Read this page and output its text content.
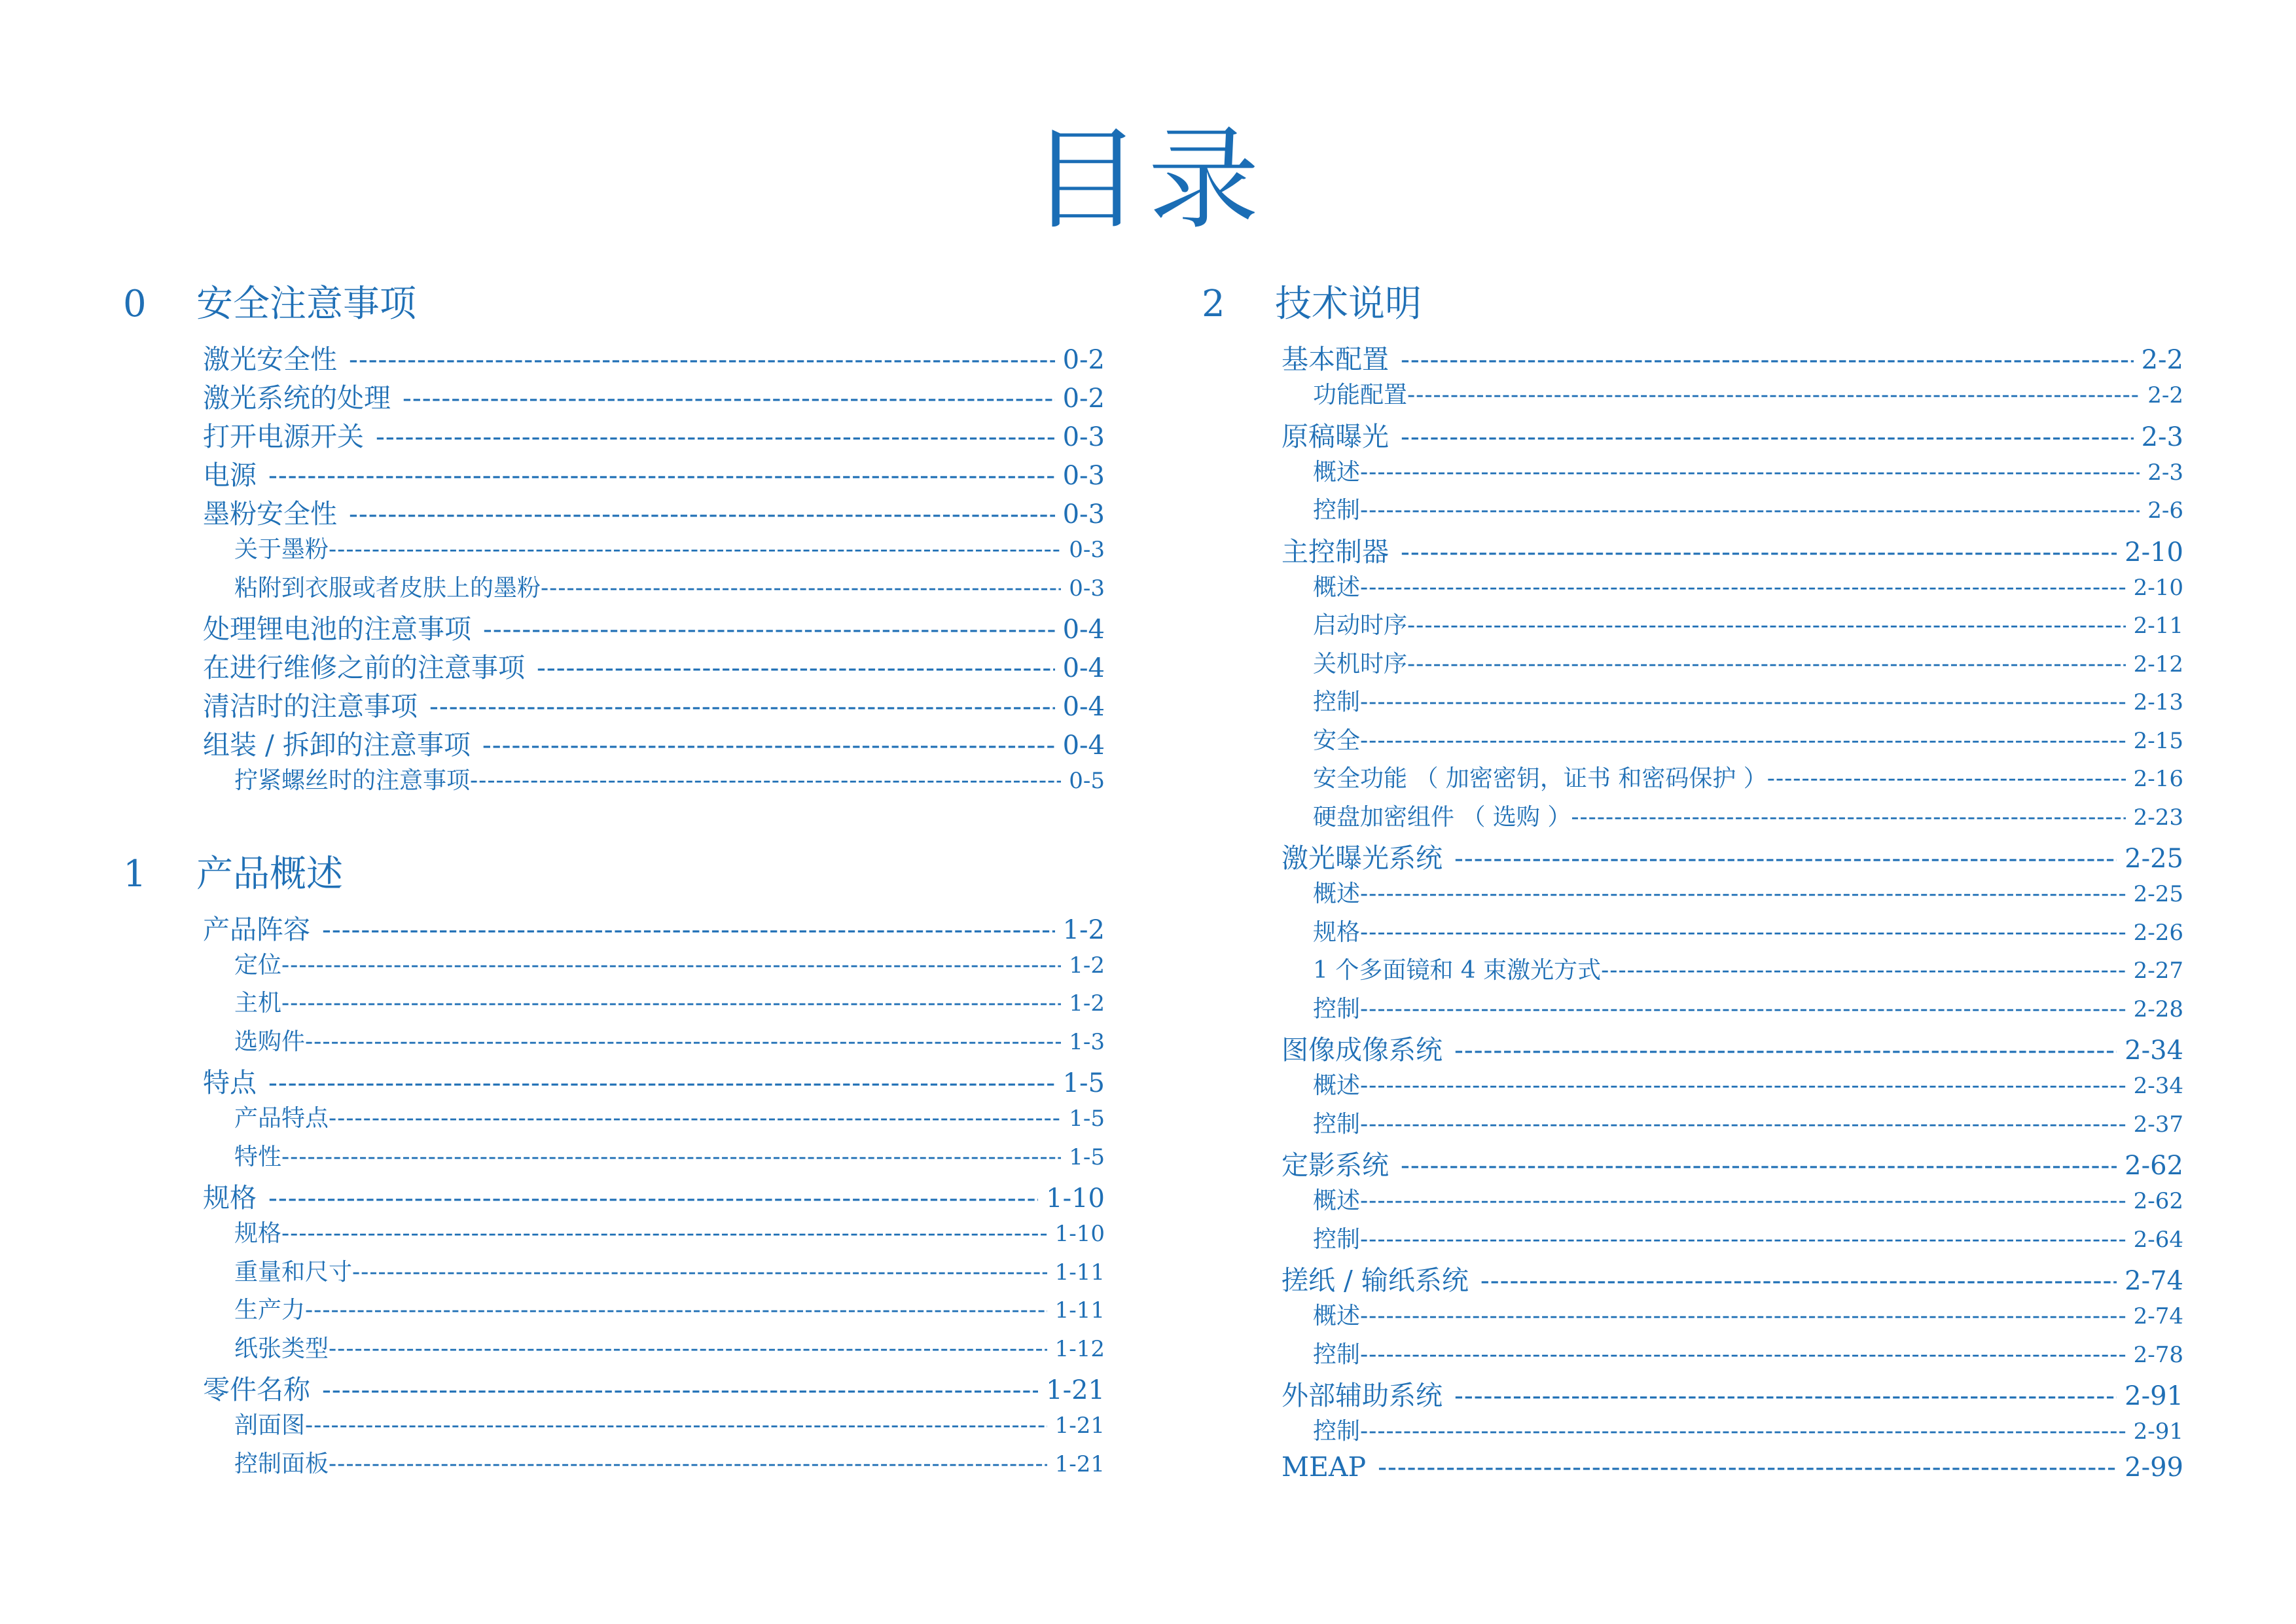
目录
0	安全注意事项
激光安全性 -----	0-2
激光系统的处理 -----	0-2
打开电源开关 -----	0-3
电源 -----	0-3
墨粉安全性 -----	0-3
关于墨粉 -----	0-3
粘附到衣服或者皮肤上的墨粉 -----	0-3
处理锂电池的注意事项 -----	0-4
在进行维修之前的注意事项 -----	0-4
清洁时的注意事项 -----	0-4
组装 / 拆卸的注意事项 -----	0-4
拧紧螺丝时的注意事项 -----	0-5
1	产品概述
产品阵容 -----	1-2
定位 -----	1-2
主机 -----	1-2
选购件 -----	1-3
特点 -----	1-5
产品特点 -----	1-5
特性 -----	1-5
规格 -----	1-10
规格 -----	1-10
重量和尺寸 -----	1-11
生产力 -----	1-11
纸张类型 -----	1-12
零件名称 -----	1-21
剖面图 -----	1-21
控制面板 -----	1-21
2	技术说明
基本配置 -----	2-2
功能配置 -----	2-2
原稿曝光 -----	2-3
概述 -----	2-3
控制 -----	2-6
主控制器 -----	2-10
概述 -----	2-10
启动时序 -----	2-11
关机时序 -----	2-12
控制 -----	2-13
安全 -----	2-15
安全功能 （ 加密密钥，证书 和密码保护 ） -----	2-16
硬盘加密组件 （ 选购 ） -----	2-23
激光曝光系统 -----	2-25
概述 -----	2-25
规格 -----	2-26
1 个多面镜和 4 束激光方式 -----	2-27
控制 -----	2-28
图像成像系统 -----	2-34
概述 -----	2-34
控制 -----	2-37
定影系统 -----	2-62
概述 -----	2-62
控制 -----	2-64
搓纸 / 输纸系统 -----	2-74
概述 -----	2-74
控制 -----	2-78
外部辅助系统 -----	2-91
控制 -----	2-91
MEAP -----	2-99
